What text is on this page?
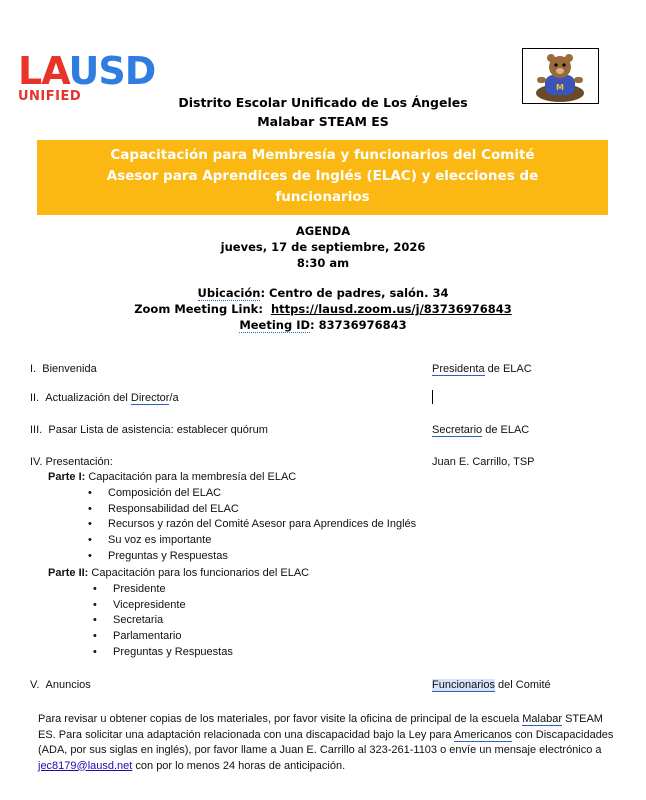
LAUSD
UNIFIED
M
Distrito Escolar Unificado de Los Ángeles
Malabar STEAM ES
Capacitación para Membresía y funcionarios del Comité
Asesor para Aprendices de Inglés (ELAC) y elecciones de
funcionarios
AGENDA
jueves, 17 de septiembre, 2026
8:30 am
Ubicación: Centro de padres, salón. 34
Zoom Meeting Link: https://lausd.zoom.us/j/83736976843
Meeting ID: 83736976843
I. Bienvenida	Presidenta de ELAC
II. Actualización del Director/a
III. Pasar Lista de asistencia: establecer quórum	Secretario de ELAC
IV. Presentación:	Juan E. Carrillo, TSP
Parte I: Capacitación para la membresía del ELAC
• Composición del ELAC
• Responsabilidad del ELAC
• Recursos y razón del Comité Asesor para Aprendices de Inglés
• Su voz es importante
• Preguntas y Respuestas
Parte II: Capacitación para los funcionarios del ELAC
• Presidente
• Vicepresidente
• Secretaria
• Parlamentario
• Preguntas y Respuestas
V. Anuncios	Funcionarios del Comité
Para revisar u obtener copias de los materiales, por favor visite la oficina de principal de la escuela Malabar STEAM ES. Para solicitar una adaptación relacionada con una discapacidad bajo la Ley para Americanos con Discapacidades (ADA, por sus siglas en inglés), por favor llame a Juan E. Carrillo al 323-261-1103 o envíe un mensaje electrónico a jec8179@lausd.net con por lo menos 24 horas de anticipación.
